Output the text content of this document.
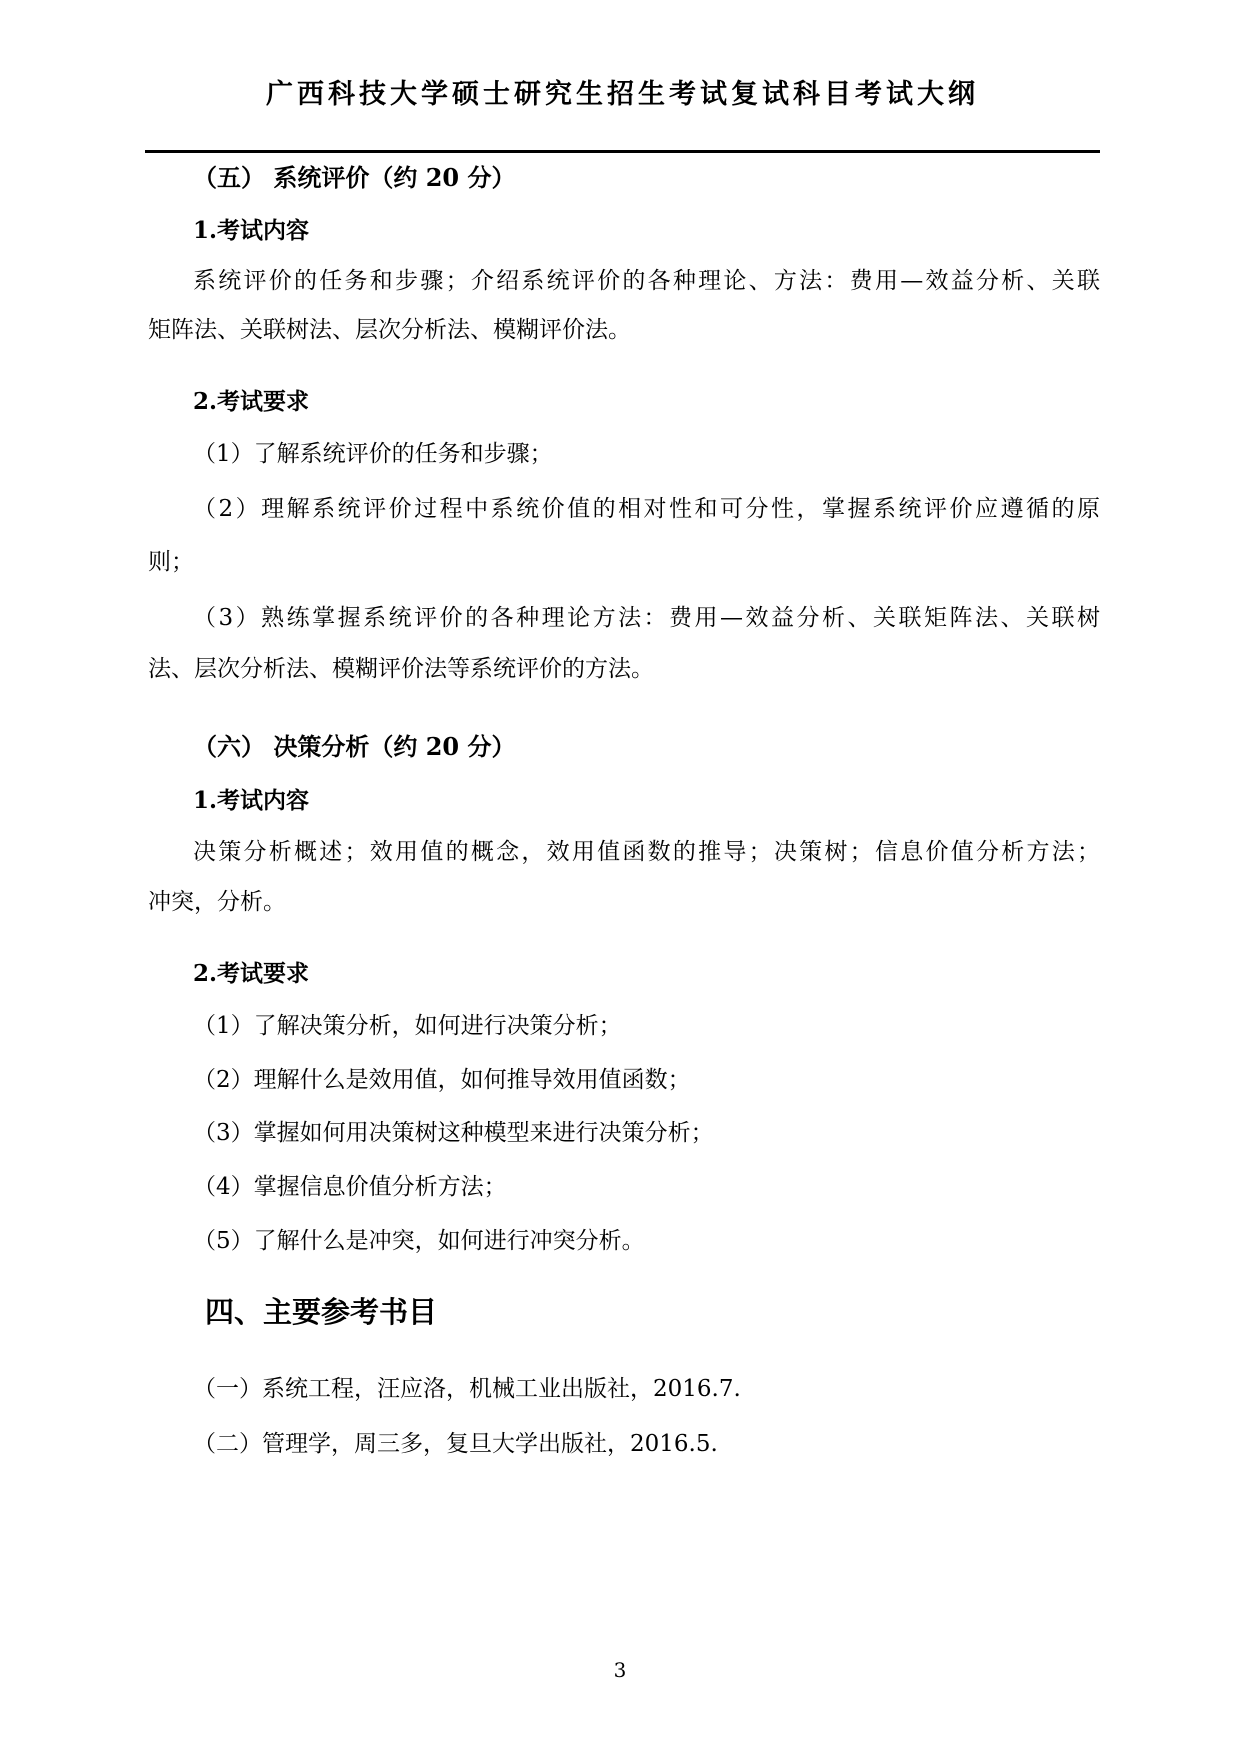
广西科技大学硕士研究生招生考试复试科目考试大纲
（五） 系统评价（约 20 分）
1.考试内容
系统评价的任务和步骤；介绍系统评价的各种理论、方法：费用—效益分析、关联
矩阵法、关联树法、层次分析法、模糊评价法。
2.考试要求
（1）了解系统评价的任务和步骤；
（2）理解系统评价过程中系统价值的相对性和可分性，掌握系统评价应遵循的原
则；
（3）熟练掌握系统评价的各种理论方法：费用—效益分析、关联矩阵法、关联树
法、层次分析法、模糊评价法等系统评价的方法。
（六） 决策分析（约 20 分）
1.考试内容
决策分析概述；效用值的概念，效用值函数的推导；决策树；信息价值分析方法；
冲突，分析。
2.考试要求
（1）了解决策分析，如何进行决策分析；
（2）理解什么是效用值，如何推导效用值函数；
（3）掌握如何用决策树这种模型来进行决策分析；
（4）掌握信息价值分析方法；
（5）了解什么是冲突，如何进行冲突分析。
四、主要参考书目
（一）系统工程，汪应洛，机械工业出版社，2016.7.
（二）管理学，周三多，复旦大学出版社，2016.5.
3
